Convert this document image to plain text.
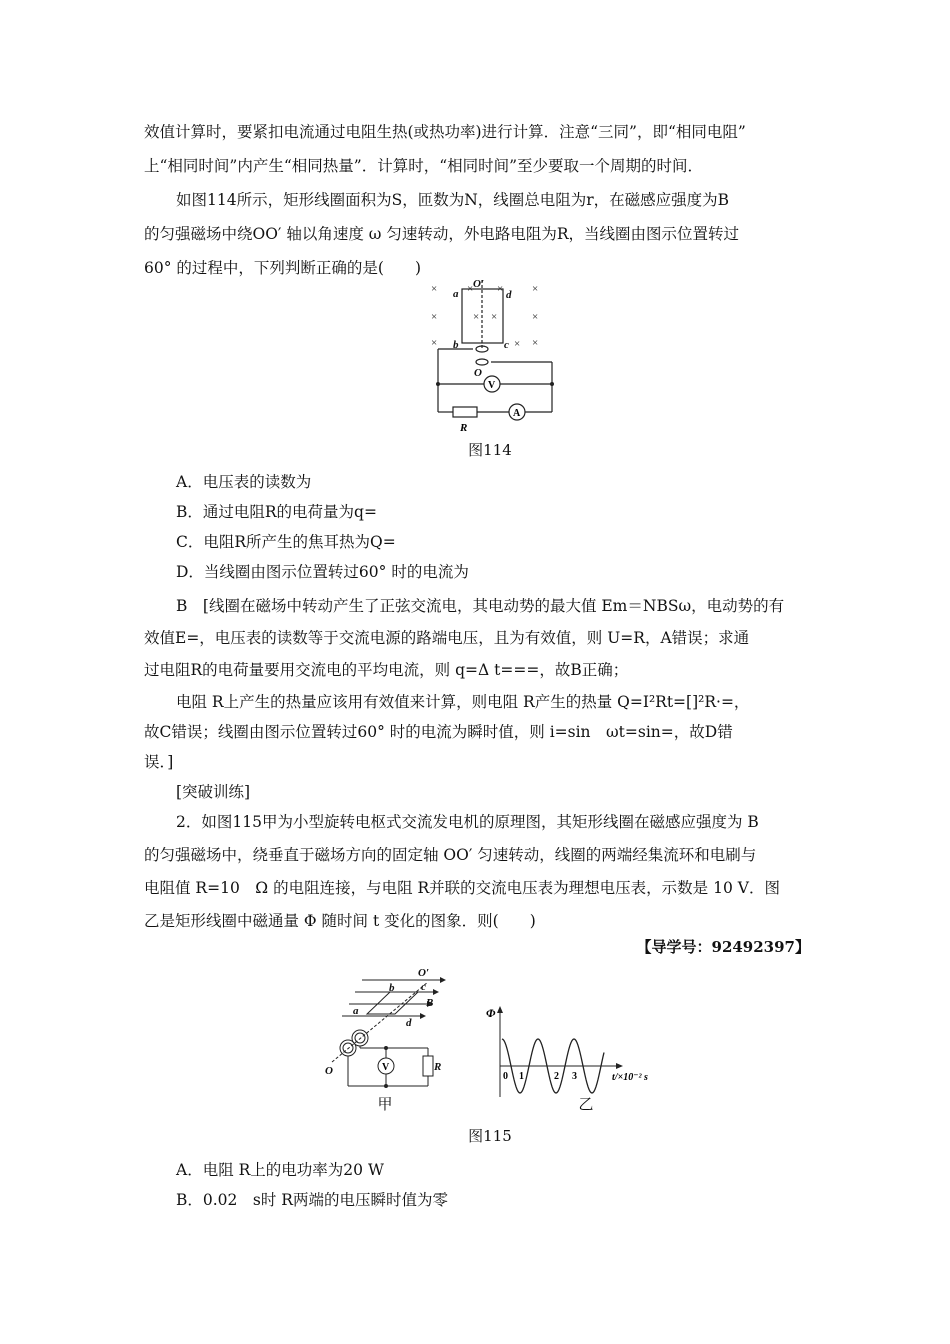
效值计算时，要紧扣电流通过电阻生热(或热功率)进行计算．注意“三同”，即“相同电阻”
上“相同时间”内产生“相同热量”．计算时，“相同时间”至少要取一个周期的时间．
如图114所示，矩形线圈面积为S，匝数为N，线圈总电阻为r，在磁感应强度为B
的匀强磁场中绕OO′ 轴以角速度 ω 匀速转动，外电路电阻为R，当线圈由图示位置转过
60° 的过程中，下列判断正确的是(　　)
×	×
×	×
×	×
× ×
× ×
×
a
O′
d
b	c
O
V
A
R
图114
A．电压表的读数为
B．通过电阻R的电荷量为q=
C．电阻R所产生的焦耳热为Q=
D．当线圈由图示位置转过60° 时的电流为
B　[线圈在磁场中转动产生了正弦交流电，其电动势的最大值 Em＝NBSω，电动势的有
效值E=，电压表的读数等于交流电源的路端电压，且为有效值，则 U=R，A错误；求通
过电阻R的电荷量要用交流电的平均电流，则 q=Δ t===，故B正确；
电阻 R上产生的热量应该用有效值来计算，则电阻 R产生的热量 Q=I²Rt=[]²R·=，
故C错误；线圈由图示位置转过60° 时的电流为瞬时值，则 i=sin　ωt=sin=，故D错
误．]
[突破训练]
2．如图115甲为小型旋转电枢式交流发电机的原理图，其矩形线圈在磁感应强度为 B
的匀强磁场中，绕垂直于磁场方向的固定轴 OO′ 匀速转动，线圈的两端经集流环和电刷与
电阻值 R=10　Ω 的电阻连接，与电阻 R并联的交流电压表为理想电压表，示数是 10 V．图
乙是矩形线圈中磁通量 Φ 随时间 t 变化的图象．则(　　)
【导学号：92492397】
O′
b c
B
a
d
O	R
V
Φ
0 1	2 3	t/×10⁻² s
甲	乙
图115
A．电阻 R上的电功率为20 W
B．0.02　s时 R两端的电压瞬时值为零
